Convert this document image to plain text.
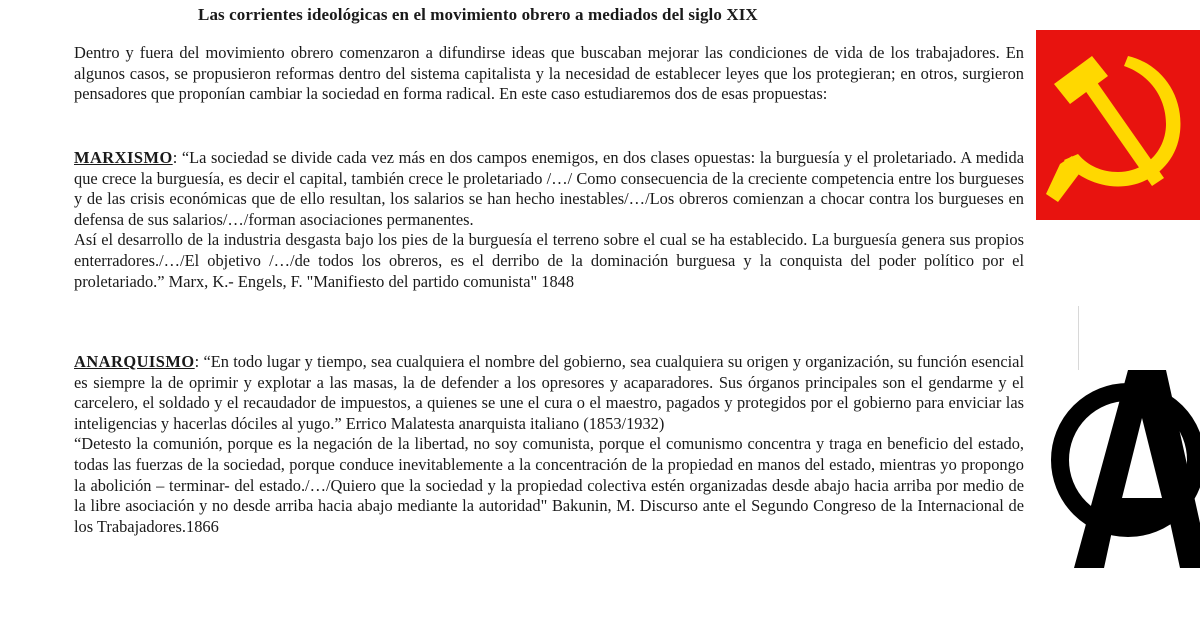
Las corrientes ideológicas en el movimiento obrero a mediados del siglo XIX

Dentro y fuera del movimiento obrero comenzaron a difundirse ideas que buscaban mejorar las condiciones de vida de los trabajadores. En algunos casos, se propusieron reformas dentro del sistema capitalista y la necesidad de establecer leyes que los protegieran; en otros, surgieron pensadores que proponían cambiar la sociedad en forma radical. En este caso estudiaremos dos de esas propuestas:

MARXISMO: “La sociedad se divide cada vez más en dos campos enemigos, en dos clases opuestas: la burguesía y el proletariado. A medida que crece la burguesía, es decir el capital, también crece le proletariado /…/ Como consecuencia de la creciente competencia entre los burgueses y de las crisis económicas que de ello resultan, los salarios se han hecho inestables/…/Los obreros comienzan a chocar contra los burgueses en defensa de sus salarios/…/forman asociaciones permanentes.

Así el desarrollo de la industria desgasta bajo los pies de la burguesía el terreno sobre el cual se ha establecido. La burguesía genera sus propios enterradores./…/El objetivo /…/de todos los obreros, es el derribo de la dominación burguesa y la conquista del poder político por el proletariado.” Marx, K.- Engels, F. "Manifiesto del partido comunista" 1848

ANARQUISMO: “En todo lugar y tiempo, sea cualquiera el nombre del gobierno, sea cualquiera su origen y organización, su función esencial es siempre la de oprimir y explotar a las masas, la de defender a los opresores y acaparadores. Sus órganos principales son el gendarme y el carcelero, el soldado y el recaudador de impuestos, a quienes se une el cura o el maestro, pagados y protegidos por el gobierno para enviciar las inteligencias y hacerlas dóciles al yugo.” Errico Malatesta anarquista italiano (1853/1932)

“Detesto la comunión, porque es la negación de la libertad, no soy comunista, porque el comunismo concentra y traga en beneficio del estado, todas las fuerzas de la sociedad, porque conduce inevitablemente a la concentración de la propiedad en manos del estado, mientras yo propongo la abolición – terminar- del estado./…/Quiero que la sociedad y la propiedad colectiva estén organizadas desde abajo hacia arriba por medio de la libre asociación y no desde arriba hacia abajo mediante la autoridad" Bakunin, M. Discurso ante el Segundo Congreso de la Internacional de los Trabajadores.1866
